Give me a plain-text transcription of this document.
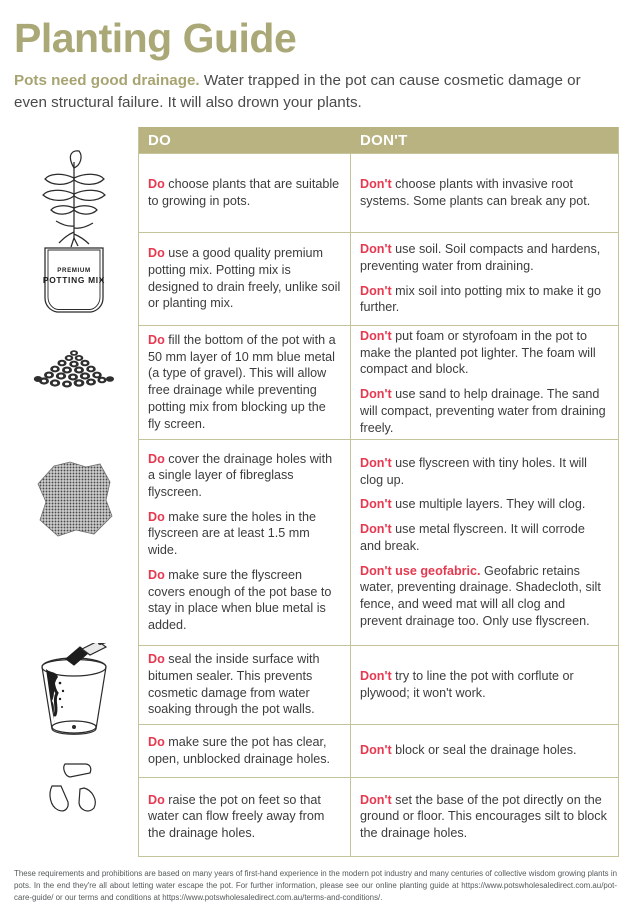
Planting Guide

Pots need good drainage. Water trapped in the pot can cause cosmetic damage or even structural failure. It will also drown your plants.

PREMIUM
POTTING MIX
DO	DON'T

Do choose plants that are suitable to growing in pots.

Don't choose plants with invasive root systems. Some plants can break any pot.

Do use a good quality premium potting mix. Potting mix is designed to drain freely, unlike soil or planting mix.

Don't use soil. Soil compacts and hardens, preventing water from draining.

Don't mix soil into potting mix to make it go further.

Do fill the bottom of the pot with a 50 mm layer of 10 mm blue metal (a type of gravel). This will allow free drainage while preventing potting mix from blocking up the fly screen.

Don't put foam or styrofoam in the pot to make the planted pot lighter. The foam will compact and block.

Don't use sand to help drainage. The sand will compact, preventing water from draining freely.

Do cover the drainage holes with a single layer of fibreglass flyscreen.

Do make sure the holes in the flyscreen are at least 1.5 mm wide.

Do make sure the flyscreen covers enough of the pot base to stay in place when blue metal is added.

Don't use flyscreen with tiny holes. It will clog up.

Don't use multiple layers. They will clog.

Don't use metal flyscreen. It will corrode and break.

Don't use geofabric. Geofabric retains water, preventing drainage. Shadecloth, silt fence, and weed mat will all clog and prevent drainage too. Only use flyscreen.

Do seal the inside surface with bitumen sealer. This prevents cosmetic damage from water soaking through the pot walls.

Don't try to line the pot with corflute or plywood; it won't work.

Do make sure the pot has clear, open, unblocked drainage holes.

Don't block or seal the drainage holes.

Do raise the pot on feet so that water can flow freely away from the drainage holes.

Don't set the base of the pot directly on the ground or floor. This encourages silt to block the drainage holes.

These requirements and prohibitions are based on many years of first-hand experience in the modern pot industry and many centuries of collective wisdom growing plants in pots. In the end they're all about letting water escape the pot. For further information, please see our online planting guide at https://www.potswholesaledirect.com.au/pot-care-guide/ or our terms and conditions at https://www.potswholesaledirect.com.au/terms-and-conditions/.
